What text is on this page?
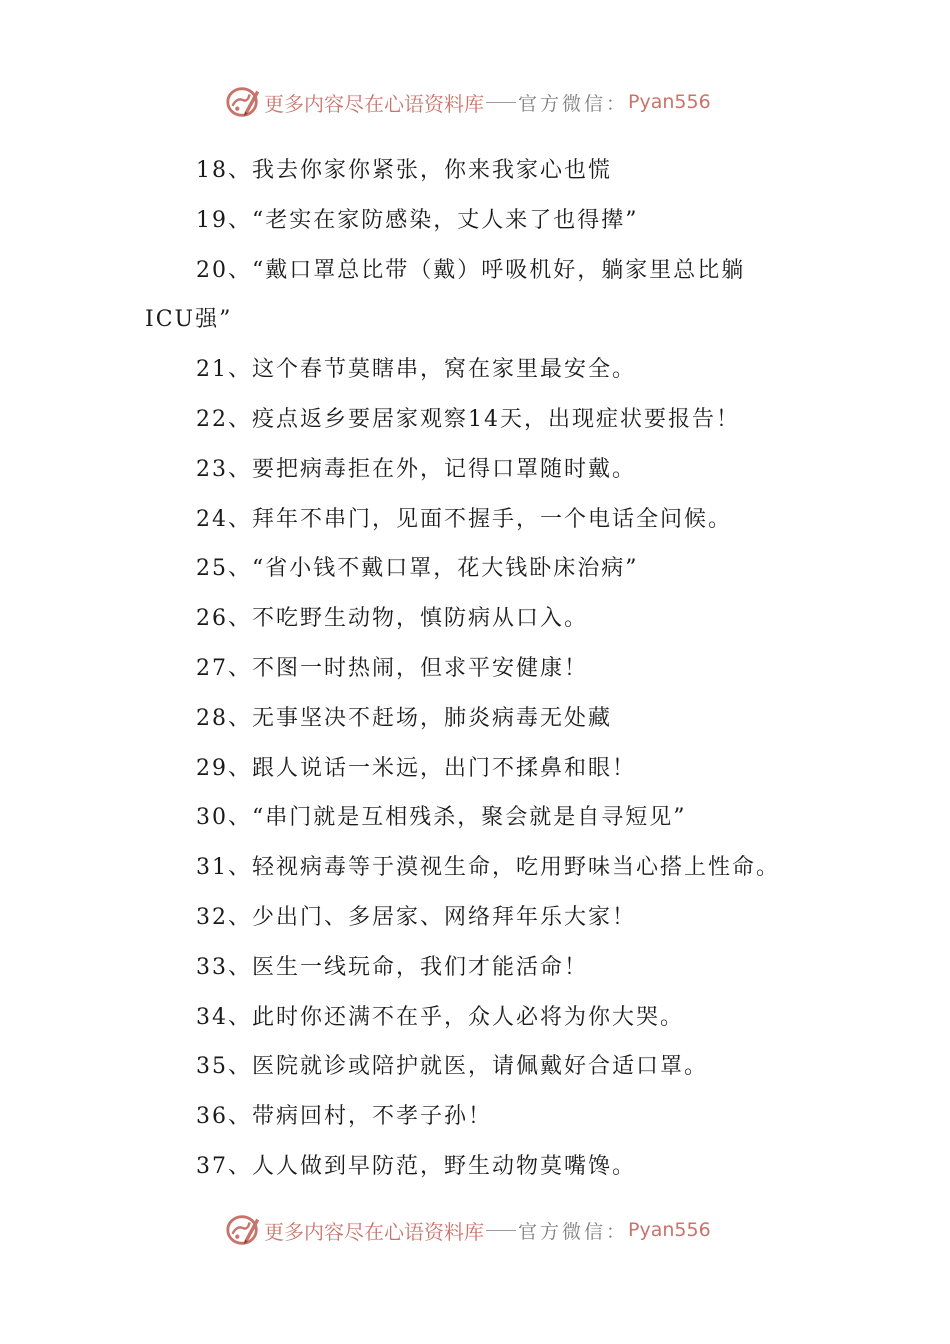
更多内容尽在心语资料库 官方微信： Pyan556
18、我去你家你紧张，你来我家心也慌
19、“老实在家防感染，丈人来了也得撵”
20、“戴口罩总比带（戴）呼吸机好，躺家里总比躺
ICU强”
21、这个春节莫瞎串，窝在家里最安全。
22、疫点返乡要居家观察14天，出现症状要报告！
23、要把病毒拒在外，记得口罩随时戴。
24、拜年不串门，见面不握手，一个电话全问候。
25、“省小钱不戴口罩，花大钱卧床治病”
26、不吃野生动物，慎防病从口入。
27、不图一时热闹，但求平安健康！
28、无事坚决不赶场，肺炎病毒无处藏
29、跟人说话一米远，出门不揉鼻和眼！
30、“串门就是互相残杀，聚会就是自寻短见”
31、轻视病毒等于漠视生命，吃用野味当心搭上性命。
32、少出门、多居家、网络拜年乐大家！
33、医生一线玩命，我们才能活命！
34、此时你还满不在乎，众人必将为你大哭。
35、医院就诊或陪护就医，请佩戴好合适口罩。
36、带病回村，不孝子孙！
37、人人做到早防范，野生动物莫嘴馋。
更多内容尽在心语资料库 官方微信： Pyan556
